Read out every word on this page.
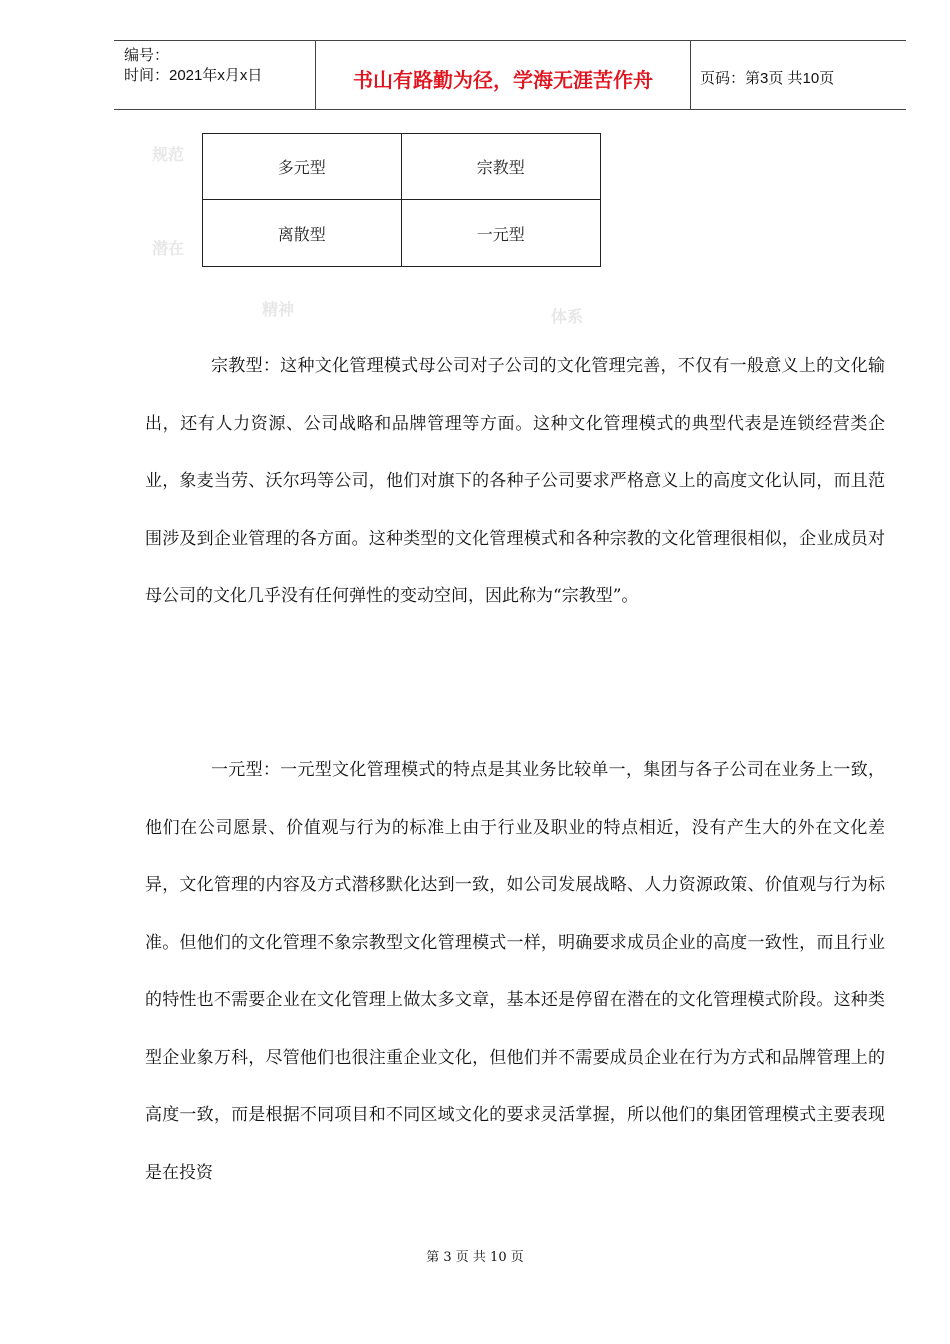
编号：
时间：2021年x月x日	书山有路勤为径，学海无涯苦作舟	页码：第3页 共10页
规范
潜在
精神	体系
多元型	宗教型
离散型	一元型

宗教型：这种文化管理模式母公司对子公司的文化管理完善，不仅有一般意义上的文化输出，还有人力资源、公司战略和品牌管理等方面。这种文化管理模式的典型代表是连锁经营类企业，象麦当劳、沃尔玛等公司，他们对旗下的各种子公司要求严格意义上的高度文化认同，而且范围涉及到企业管理的各方面。这种类型的文化管理模式和各种宗教的文化管理很相似，企业成员对母公司的文化几乎没有任何弹性的变动空间，因此称为“宗教型”。

一元型：一元型文化管理模式的特点是其业务比较单一，集团与各子公司在业务上一致，他们在公司愿景、价值观与行为的标准上由于行业及职业的特点相近，没有产生大的外在文化差异，文化管理的内容及方式潜移默化达到一致，如公司发展战略、人力资源政策、价值观与行为标准。但他们的文化管理不象宗教型文化管理模式一样，明确要求成员企业的高度一致性，而且行业的特性也不需要企业在文化管理上做太多文章，基本还是停留在潜在的文化管理模式阶段。这种类型企业象万科，尽管他们也很注重企业文化，但他们并不需要成员企业在行为方式和品牌管理上的高度一致，而是根据不同项目和不同区域文化的要求灵活掌握，所以他们的集团管理模式主要表现是在投资

第 3 页 共 10 页
